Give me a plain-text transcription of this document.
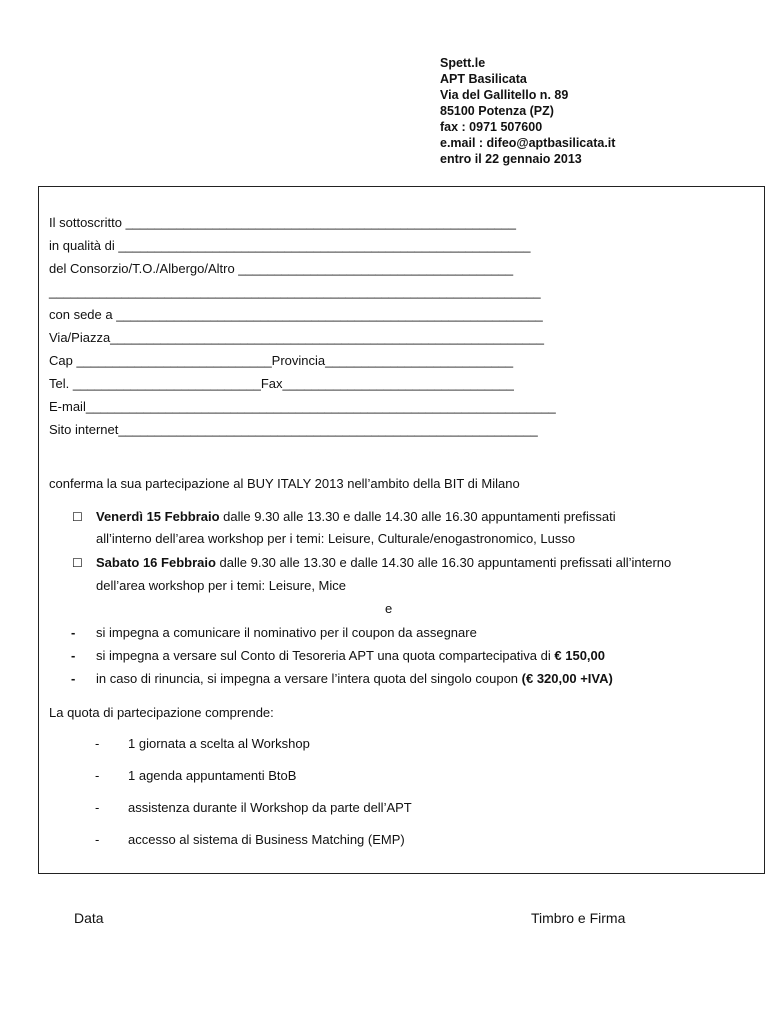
Spett.le
APT Basilicata
Via del Gallitello n. 89
85100 Potenza (PZ)
fax : 0971 507600
e.mail : difeo@aptbasilicata.it
entro il 22 gennaio 2013
Il sottoscritto ______________________________________________________
in qualità di _________________________________________________________
del Consorzio/T.O./Albergo/Altro ______________________________________
____________________________________________________________________
con sede a ___________________________________________________________
Via/Piazza____________________________________________________________
Cap ___________________________Provincia__________________________
Tel. __________________________Fax________________________________
E-mail_________________________________________________________________
Sito internet__________________________________________________________
conferma la sua partecipazione al BUY ITALY 2013 nell’ambito della BIT di Milano
☐ Venerdì 15 Febbraio dalle 9.30 alle 13.30 e dalle 14.30 alle 16.30 appuntamenti prefissati
all’interno dell’area workshop per i temi: Leisure, Culturale/enogastronomico, Lusso
☐ Sabato 16 Febbraio dalle 9.30 alle 13.30 e dalle 14.30 alle 16.30 appuntamenti prefissati all’interno
dell’area workshop per i temi: Leisure, Mice
e
- si impegna a comunicare il nominativo per il coupon da assegnare
- si impegna a versare sul Conto di Tesoreria APT una quota compartecipativa di € 150,00
- in caso di rinuncia, si impegna a versare l’intera quota del singolo coupon (€ 320,00 +IVA)
La quota di partecipazione comprende:
- 1 giornata a scelta al Workshop
- 1 agenda appuntamenti BtoB
- assistenza durante il Workshop da parte dell’APT
- accesso al sistema di Business Matching (EMP)
Data	Timbro e Firma
